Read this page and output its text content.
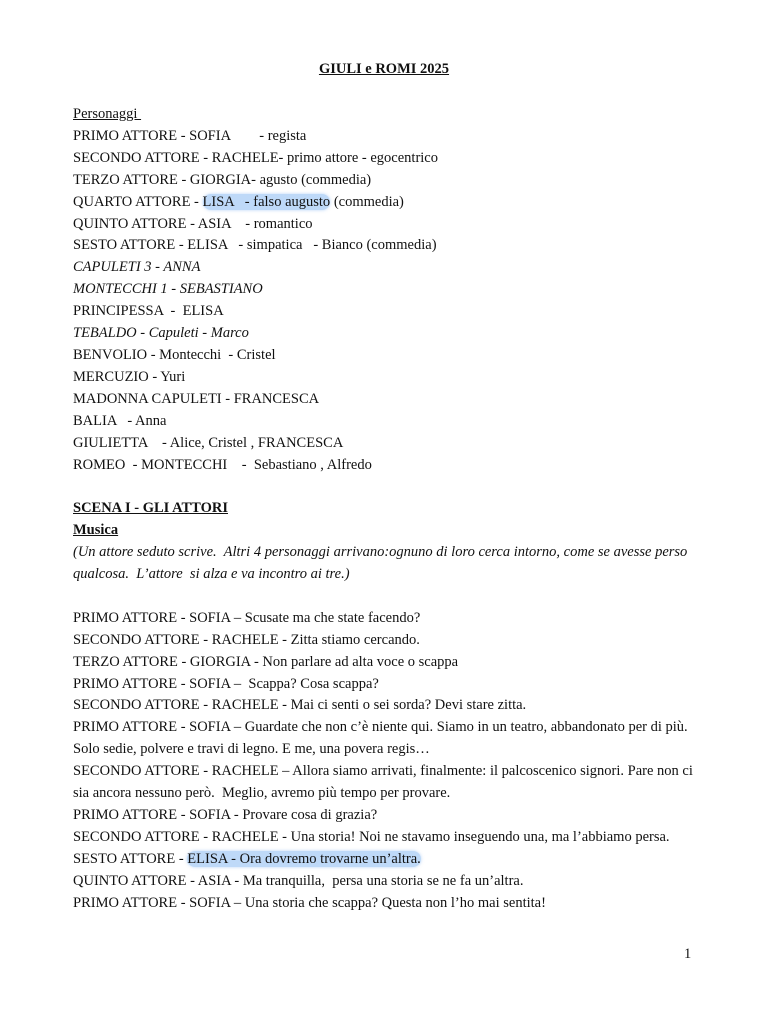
GIULI e ROMI 2025
Personaggi
PRIMO ATTORE - SOFIA        - regista
SECONDO ATTORE - RACHELE- primo attore - egocentrico
TERZO ATTORE - GIORGIA- agusto (commedia)
QUARTO ATTORE - LISA   - falso augusto (commedia)
QUINTO ATTORE - ASIA    - romantico
SESTO ATTORE - ELISA   - simpatica   - Bianco (commedia)
CAPULETI 3 - ANNA
MONTECCHI 1 - SEBASTIANO
PRINCIPESSA  -  ELISA
TEBALDO - Capuleti - Marco
BENVOLIO - Montecchi  - Cristel
MERCUZIO - Yuri
MADONNA CAPULETI - FRANCESCA
BALIA   - Anna
GIULIETTA    - Alice, Cristel , FRANCESCA
ROMEO  - MONTECCHI    -  Sebastiano , Alfredo
SCENA I - GLI ATTORI
Musica
(Un attore seduto scrive.  Altri 4 personaggi arrivano:ognuno di loro cerca intorno, come se avesse perso qualcosa.  L’attore  si alza e va incontro ai tre.)
PRIMO ATTORE - SOFIA – Scusate ma che state facendo?
SECONDO ATTORE - RACHELE - Zitta stiamo cercando.
TERZO ATTORE - GIORGIA - Non parlare ad alta voce o scappa
PRIMO ATTORE - SOFIA –  Scappa? Cosa scappa?
SECONDO ATTORE - RACHELE - Mai ci senti o sei sorda? Devi stare zitta.
PRIMO ATTORE - SOFIA – Guardate che non c’è niente qui. Siamo in un teatro, abbandonato per di più. Solo sedie, polvere e travi di legno. E me, una povera regis…
SECONDO ATTORE - RACHELE – Allora siamo arrivati, finalmente: il palcoscenico signori. Pare non ci sia ancora nessuno però.  Meglio, avremo più tempo per provare.
PRIMO ATTORE - SOFIA - Provare cosa di grazia?
SECONDO ATTORE - RACHELE - Una storia! Noi ne stavamo inseguendo una, ma l’abbiamo persa.
SESTO ATTORE - ELISA - Ora dovremo trovarne un’altra.
QUINTO ATTORE - ASIA - Ma tranquilla,  persa una storia se ne fa un’altra.
PRIMO ATTORE - SOFIA – Una storia che scappa? Questa non l’ho mai sentita!
1
